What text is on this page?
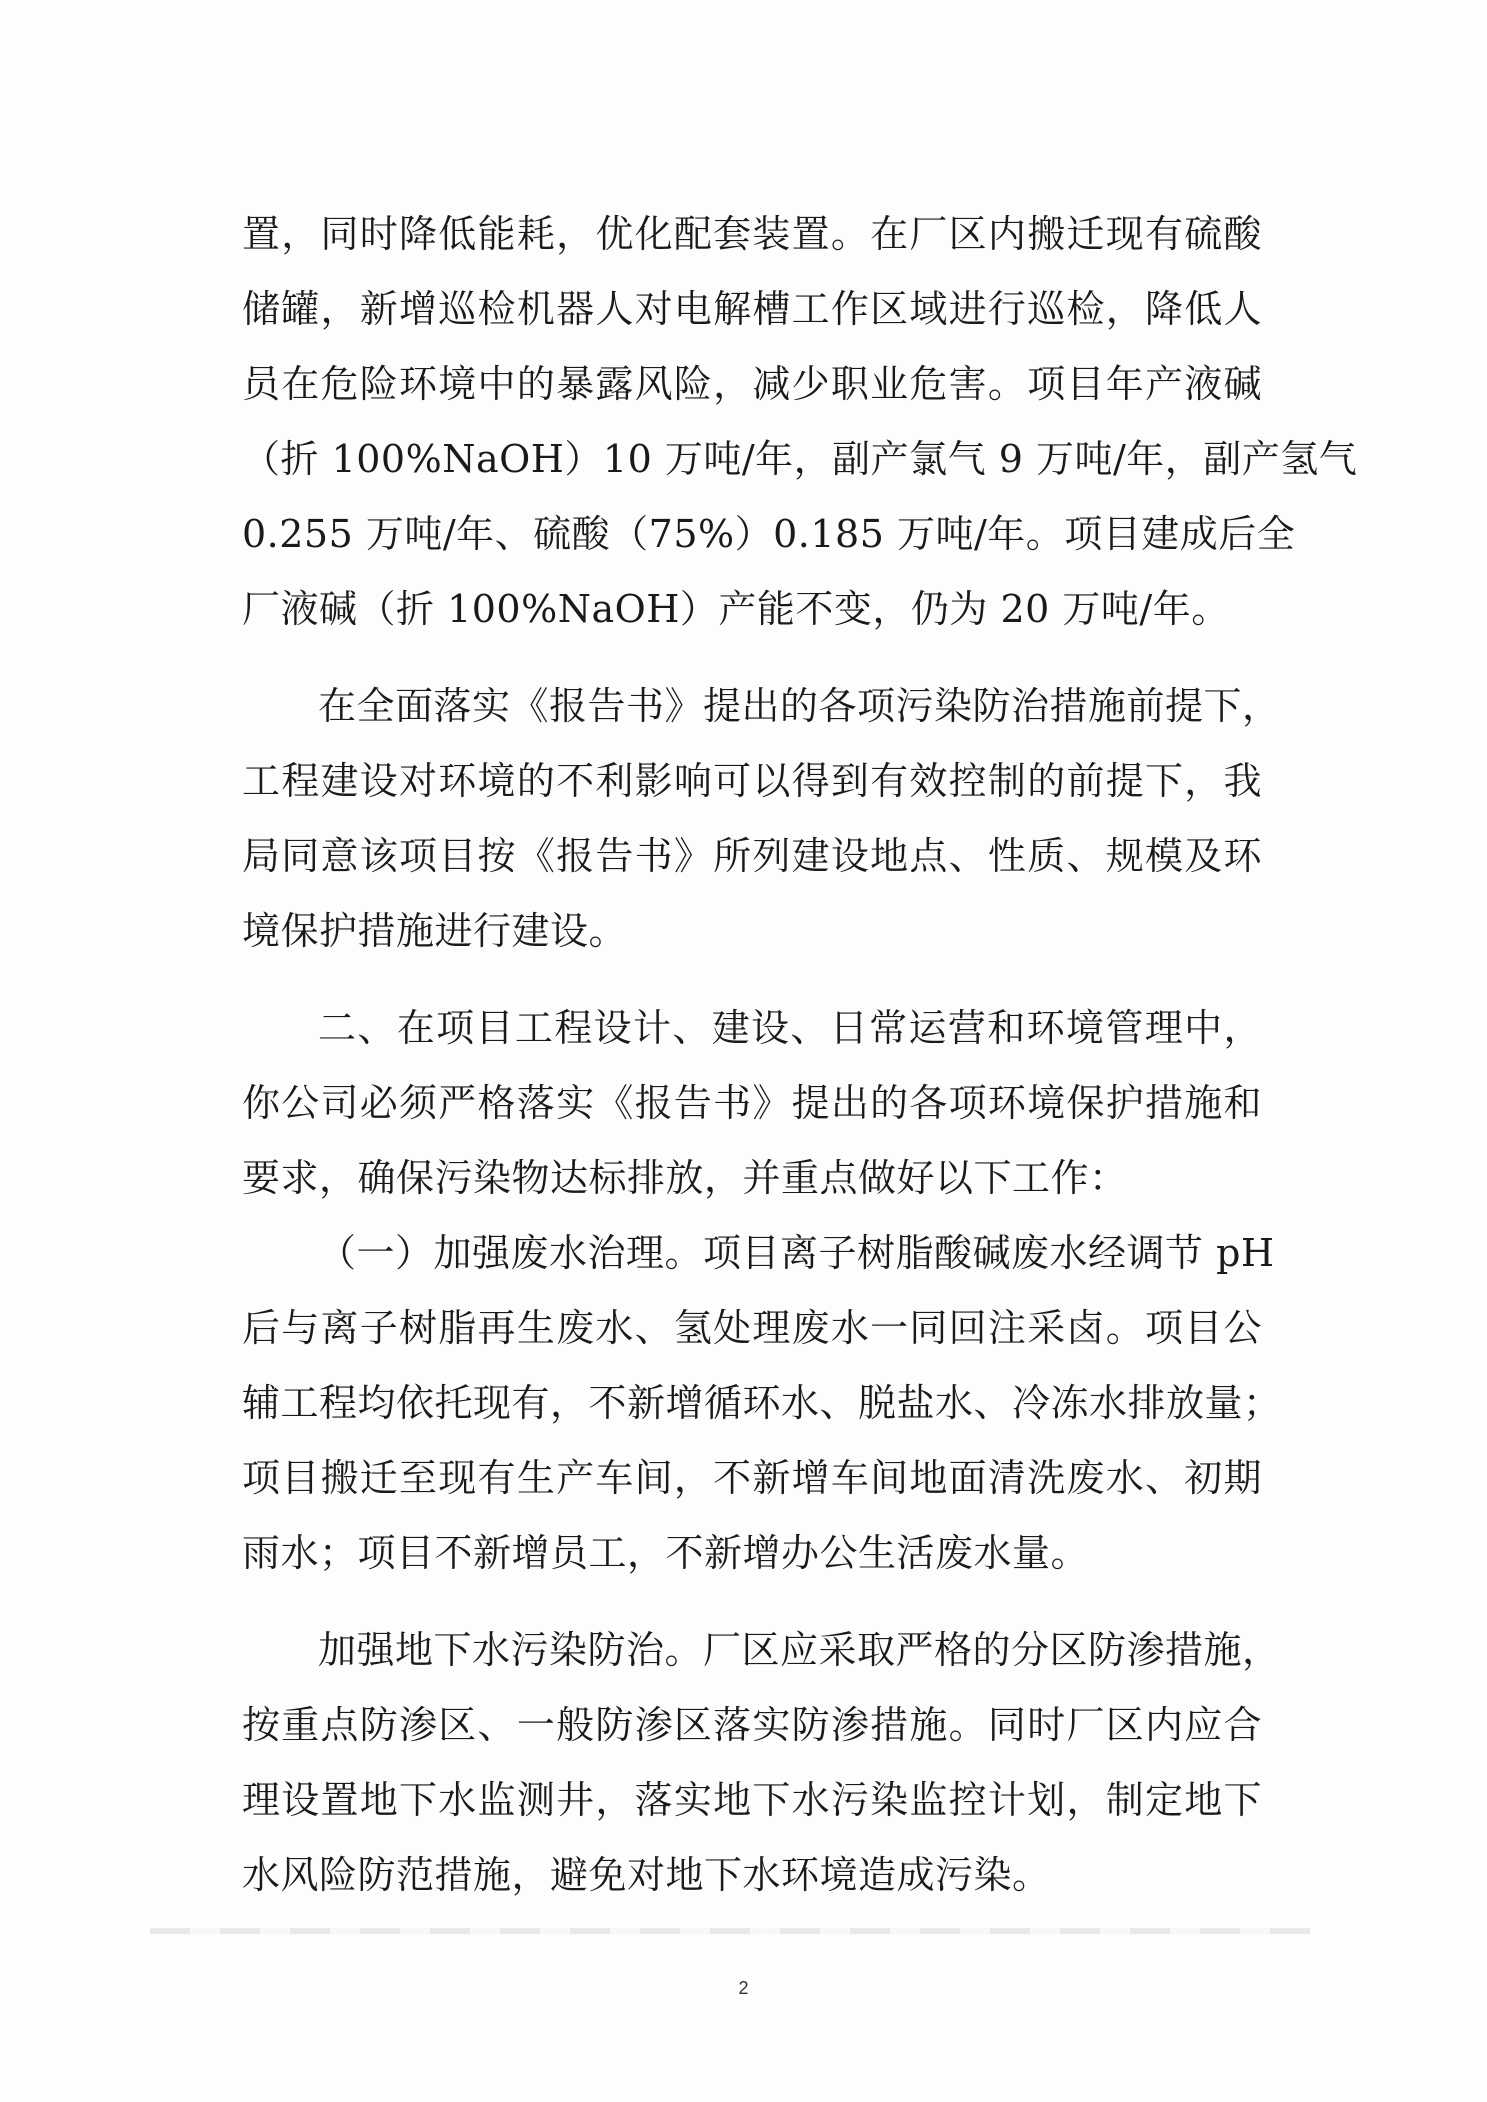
置，同时降低能耗，优化配套装置。在厂区内搬迁现有硫酸
储罐，新增巡检机器人对电解槽工作区域进行巡检，降低人
员在危险环境中的暴露风险，减少职业危害。项目年产液碱
（折 100%NaOH）10 万吨/年，副产氯气 9 万吨/年，副产氢气
0.255 万吨/年、硫酸（75%）0.185 万吨/年。项目建成后全
厂液碱（折 100%NaOH）产能不变，仍为 20 万吨/年。
在全面落实《报告书》提出的各项污染防治措施前提下，
工程建设对环境的不利影响可以得到有效控制的前提下，我
局同意该项目按《报告书》所列建设地点、性质、规模及环
境保护措施进行建设。
二、在项目工程设计、建设、日常运营和环境管理中，
你公司必须严格落实《报告书》提出的各项环境保护措施和
要求，确保污染物达标排放，并重点做好以下工作：
（一）加强废水治理。项目离子树脂酸碱废水经调节 pH
后与离子树脂再生废水、氢处理废水一同回注采卤。项目公
辅工程均依托现有，不新增循环水、脱盐水、冷冻水排放量；
项目搬迁至现有生产车间，不新增车间地面清洗废水、初期
雨水；项目不新增员工，不新增办公生活废水量。
加强地下水污染防治。厂区应采取严格的分区防渗措施，
按重点防渗区、一般防渗区落实防渗措施。同时厂区内应合
理设置地下水监测井，落实地下水污染监控计划，制定地下
水风险防范措施，避免对地下水环境造成污染。
2
